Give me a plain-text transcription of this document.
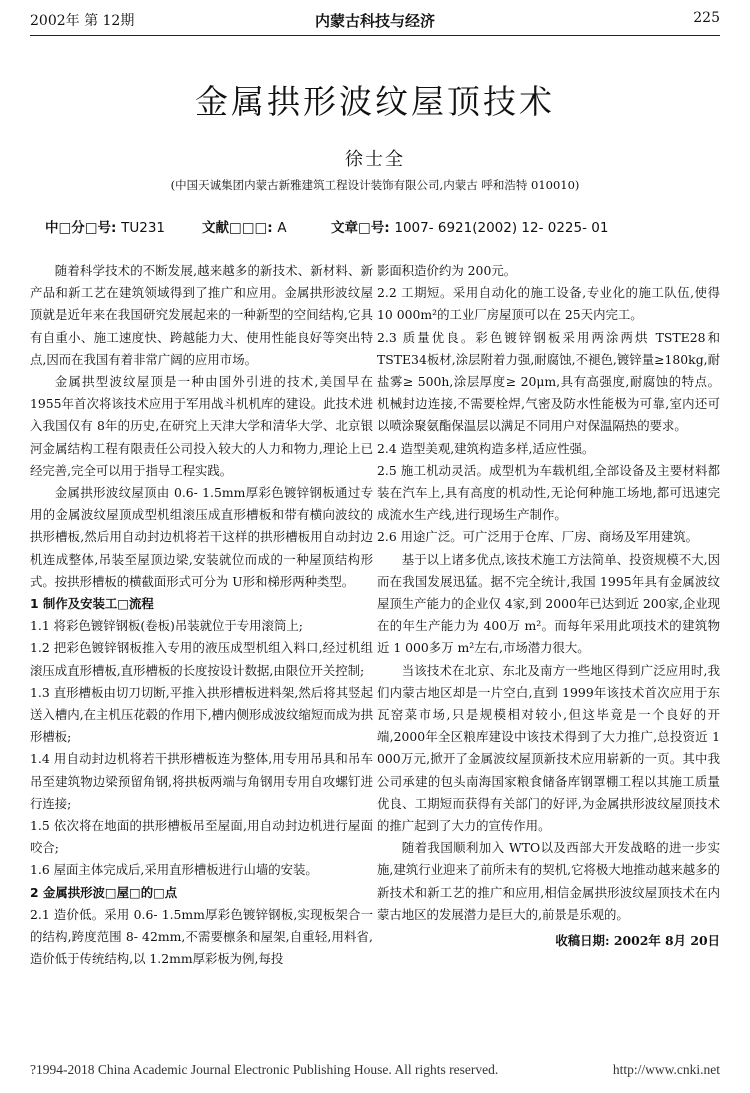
2002年 第 12期	内蒙古科技与经济	225
金属拱形波纹屋顶技术
徐士全
(中国天诚集团内蒙古新雅建筑工程设计装饰有限公司,内蒙古 呼和浩特 010010)
中□分□号: TU231	文献□□□: A	文章□号: 1007- 6921(2002) 12- 0225- 01

随着科学技术的不断发展,越来越多的新技术、新材料、新产品和新工艺在建筑领域得到了推广和应用。金属拱形波纹屋顶就是近年来在我国研究发展起来的一种新型的空间结构,它具有自重小、施工速度快、跨越能力大、使用性能良好等突出特点,因而在我国有着非常广阔的应用市场。

金属拱型波纹屋顶是一种由国外引进的技术,美国早在 1955年首次将该技术应用于军用战斗机机库的建设。此技术进入我国仅有 8年的历史,在研究上天津大学和清华大学、北京银河金属结构工程有限责任公司投入较大的人力和物力,理论上已经完善,完全可以用于指导工程实践。

金属拱形波纹屋顶由 0.6- 1.5mm厚彩色镀锌钢板通过专用的金属波纹屋顶成型机组滚压成直形槽板和带有横向波纹的拱形槽板,然后用自动封边机将若干这样的拱形槽板用自动封边机连成整体,吊装至屋顶边梁,安装就位而成的一种屋顶结构形式。按拱形槽板的横截面形式可分为 U形和梯形两种类型。

1 制作及安装工□流程

1.1 将彩色镀锌钢板(卷板)吊装就位于专用滚筒上;

1.2 把彩色镀锌钢板推入专用的液压成型机组入料口,经过机组滚压成直形槽板,直形槽板的长度按设计数据,由限位开关控制;

1.3 直形槽板由切刀切断,平推入拱形槽板进料架,然后将其竖起送入槽内,在主机压花毂的作用下,槽内侧形成波纹缩短而成为拱形槽板;

1.4 用自动封边机将若干拱形槽板连为整体,用专用吊具和吊车吊至建筑物边梁预留角钢,将拱板两端与角钢用专用自攻螺钉进行连接;

1.5 依次将在地面的拱形槽板吊至屋面,用自动封边机进行屋面咬合;

1.6 屋面主体完成后,采用直形槽板进行山墙的安装。

2 金属拱形波□屋□的□点

2.1 造价低。采用 0.6- 1.5mm厚彩色镀锌钢板,实现板架合一的结构,跨度范围 8- 42mm,不需要檩条和屋架,自重轻,用料省,造价低于传统结构,以 1.2mm厚彩板为例,每投

影面积造价约为 200元。

2.2 工期短。采用自动化的施工设备,专业化的施工队伍,使得 10 000m²的工业厂房屋顶可以在 25天内完工。

2.3 质量优良。彩色镀锌钢板采用两涂两烘 TSTE28和TSTE34板材,涂层附着力强,耐腐蚀,不褪色,镀锌量≥180kg,耐盐雾≥ 500h,涂层厚度≥ 20μm,具有高强度,耐腐蚀的特点。机械封边连接,不需要栓焊,气密及防水性能极为可靠,室内还可以喷涂聚氨酯保温层以满足不同用户对保温隔热的要求。

2.4 造型美观,建筑构造多样,适应性强。

2.5 施工机动灵活。成型机为车载机组,全部设备及主要材料都装在汽车上,具有高度的机动性,无论何种施工场地,都可迅速完成流水生产线,进行现场生产制作。

2.6 用途广泛。可广泛用于仓库、厂房、商场及军用建筑。

基于以上诸多优点,该技术施工方法简单、投资规模不大,因而在我国发展迅猛。据不完全统计,我国 1995年具有金属波纹屋顶生产能力的企业仅 4家,到 2000年已达到近 200家,企业现在的年生产能力为 400万 m²。而每年采用此项技术的建筑物近 1 000多万 m²左右,市场潜力很大。

当该技术在北京、东北及南方一些地区得到广泛应用时,我们内蒙古地区却是一片空白,直到 1999年该技术首次应用于东瓦窑菜市场,只是规模相对较小,但这毕竟是一个良好的开端,2000年全区粮库建设中该技术得到了大力推广,总投资近 1 000万元,掀开了金属波纹屋顶新技术应用崭新的一页。其中我公司承建的包头南海国家粮食储备库钢罩棚工程以其施工质量优良、工期短而获得有关部门的好评,为金属拱形波纹屋顶技术的推广起到了大力的宣传作用。

随着我国顺利加入 WTO以及西部大开发战略的进一步实施,建筑行业迎来了前所未有的契机,它将极大地推动越来越多的新技术和新工艺的推广和应用,相信金属拱形波纹屋顶技术在内蒙古地区的发展潜力是巨大的,前景是乐观的。

收稿日期: 2002年 8月 20日

?1994-2018 China Academic Journal Electronic Publishing House. All rights reserved.	http://www.cnki.net
